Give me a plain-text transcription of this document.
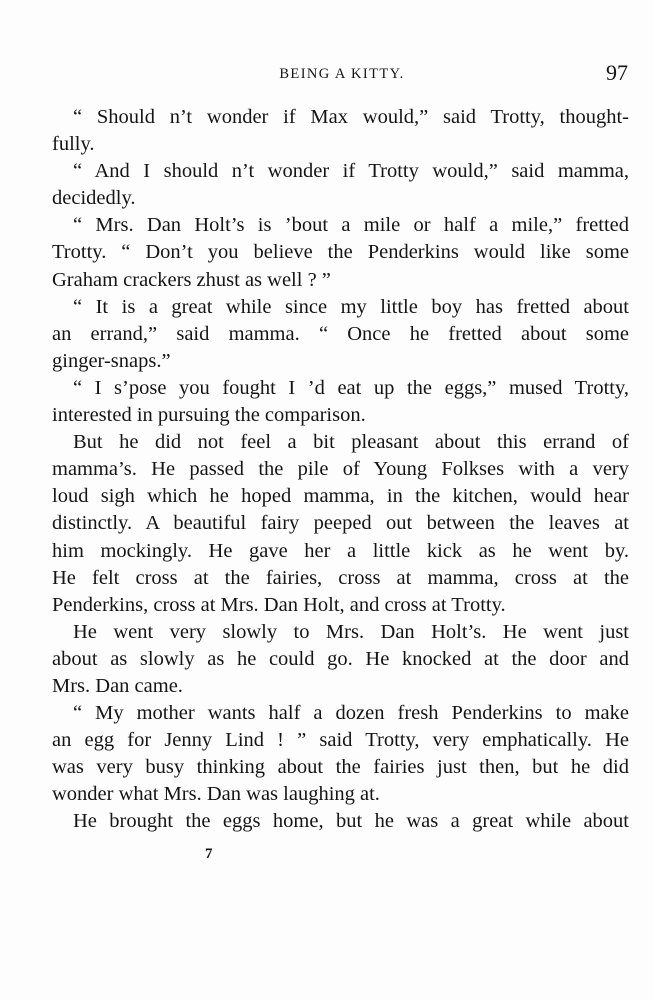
BEING A KITTY.	97
“ Should n’t wonder if Max would,” said Trotty, thought-
fully.
“ And I should n’t wonder if Trotty would,” said mamma,
decidedly.
“ Mrs. Dan Holt’s is ’bout a mile or half a mile,” fretted
Trotty. “ Don’t you believe the Penderkins would like some
Graham crackers zhust as well ? ”
“ It is a great while since my little boy has fretted about
an errand,” said mamma. “ Once he fretted about some
ginger-snaps.”
“ I s’pose you fought I ’d eat up the eggs,” mused Trotty,
interested in pursuing the comparison.
But he did not feel a bit pleasant about this errand of
mamma’s. He passed the pile of Young Folkses with a very
loud sigh which he hoped mamma, in the kitchen, would hear
distinctly. A beautiful fairy peeped out between the leaves at
him mockingly. He gave her a little kick as he went by.
He felt cross at the fairies, cross at mamma, cross at the
Penderkins, cross at Mrs. Dan Holt, and cross at Trotty.
He went very slowly to Mrs. Dan Holt’s. He went just
about as slowly as he could go. He knocked at the door and
Mrs. Dan came.
“ My mother wants half a dozen fresh Penderkins to make
an egg for Jenny Lind ! ” said Trotty, very emphatically. He
was very busy thinking about the fairies just then, but he did
wonder what Mrs. Dan was laughing at.
He brought the eggs home, but he was a great while about
7
